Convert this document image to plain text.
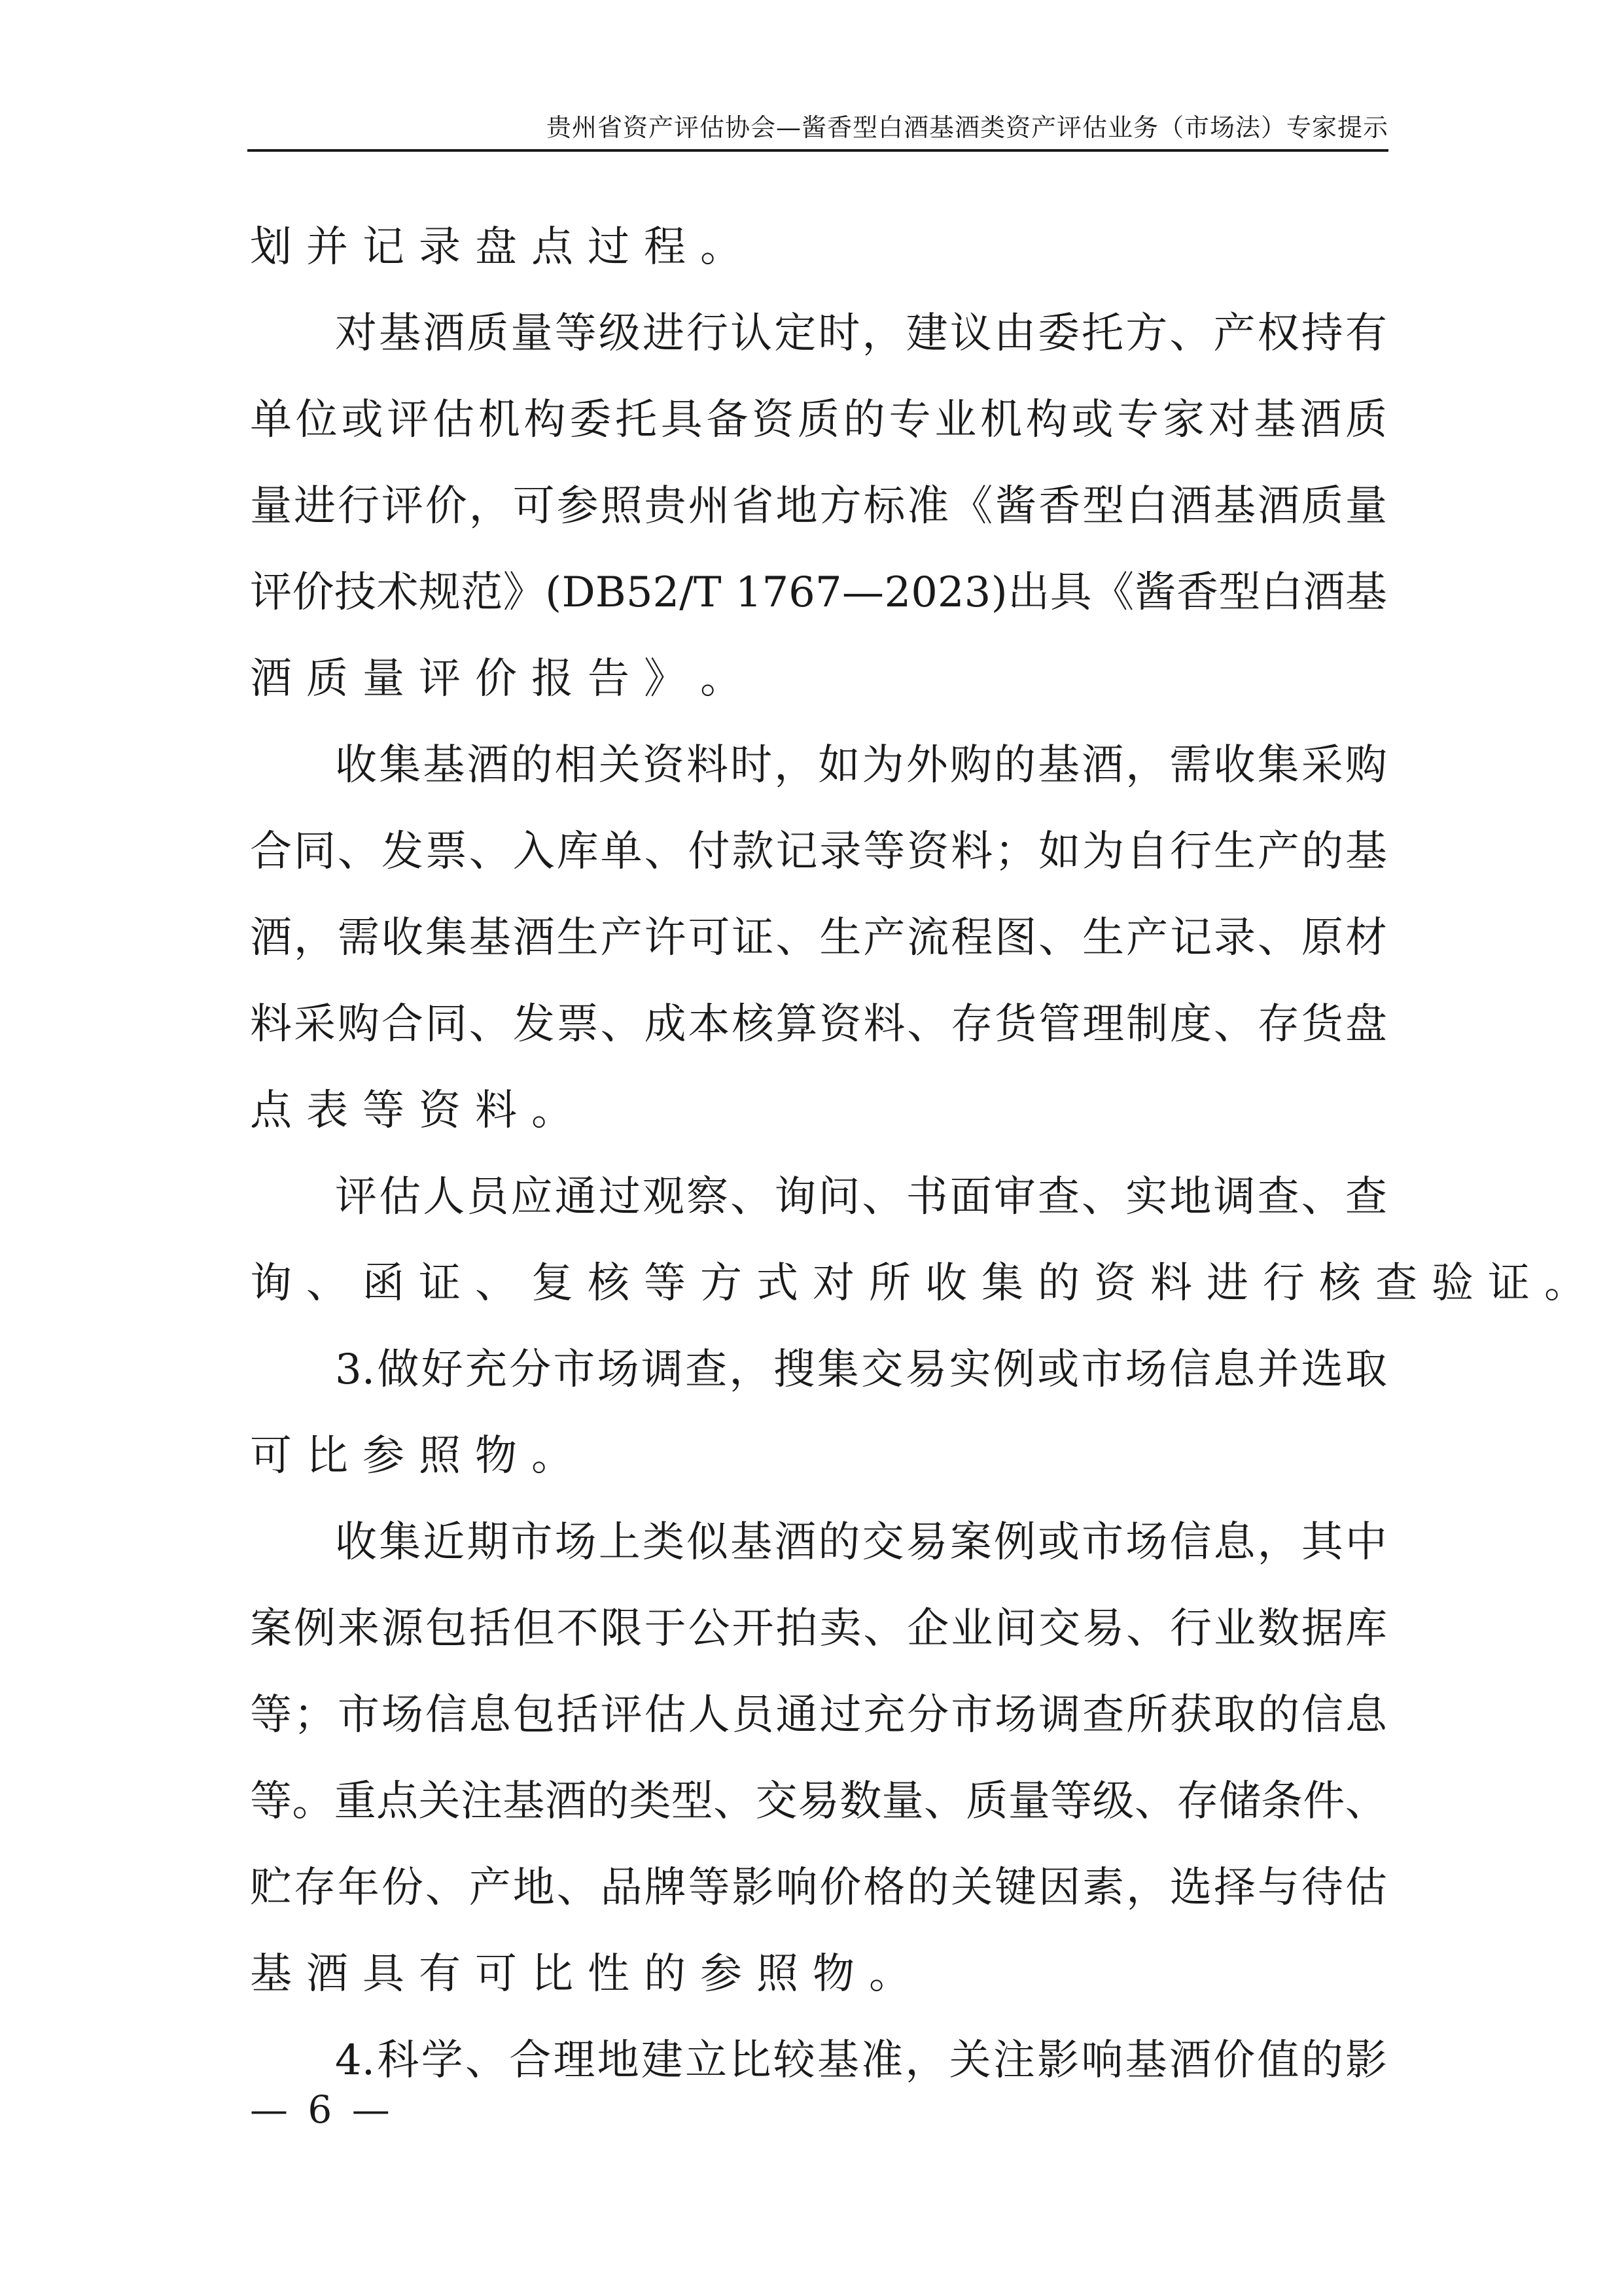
贵州省资产评估协会—酱香型白酒基酒类资产评估业务（市场法）专家提示
划 并 记 录 盘 点 过 程 。
对 基 酒 质 量 等 级 进 行 认 定 时 ， 建 议 由 委 托 方 、 产 权 持 有
单 位 或 评 估 机 构 委 托 具 备 资 质 的 专 业 机 构 或 专 家 对 基 酒 质
量 进 行 评 价 ， 可 参 照 贵 州 省 地 方 标 准 《 酱 香 型 白 酒 基 酒 质 量
评 价 技 术 规 范 》 ( DB52/T
1767 — 2023 ) 出 具 《 酱 香 型 白 酒 基
酒 质 量 评 价 报 告 》 。
收 集 基 酒 的 相 关 资 料 时 ， 如 为 外 购 的 基 酒 ， 需 收 集 采 购
合 同 、 发 票 、 入 库 单 、 付 款 记 录 等 资 料 ； 如 为 自 行 生 产 的 基
酒 ， 需 收 集 基 酒 生 产 许 可 证 、 生 产 流 程 图 、 生 产 记 录 、 原 材
料 采 购 合 同 、 发 票 、 成 本 核 算 资 料 、 存 货 管 理 制 度 、 存 货 盘
点 表 等 资 料 。
评 估 人 员 应 通 过 观 察 、 询 问 、 书 面 审 查 、 实 地 调 查 、 查
询 、 函 证 、 复 核 等 方 式 对 所 收 集 的 资 料 进 行 核 查 验 证 。
3. 做 好 充 分 市 场 调 查 ， 搜 集 交 易 实 例 或 市 场 信 息 并 选 取
可 比 参 照 物 。
收 集 近 期 市 场 上 类 似 基 酒 的 交 易 案 例 或 市 场 信 息 ， 其 中
案 例 来 源 包 括 但 不 限 于 公 开 拍 卖 、 企 业 间 交 易 、 行 业 数 据 库
等 ； 市 场 信 息 包 括 评 估 人 员 通 过 充 分 市 场 调 查 所 获 取 的 信 息
等 。 重 点 关 注 基 酒 的 类 型 、 交 易 数 量 、 质 量 等 级 、 存 储 条 件 、
贮 存 年 份 、 产 地 、 品 牌 等 影 响 价 格 的 关 键 因 素 ， 选 择 与 待 估
基 酒 具 有 可 比 性 的 参 照 物 。
4. 科 学 、 合 理 地 建 立 比 较 基 准 ， 关 注 影 响 基 酒 价 值 的 影
— 6 —
